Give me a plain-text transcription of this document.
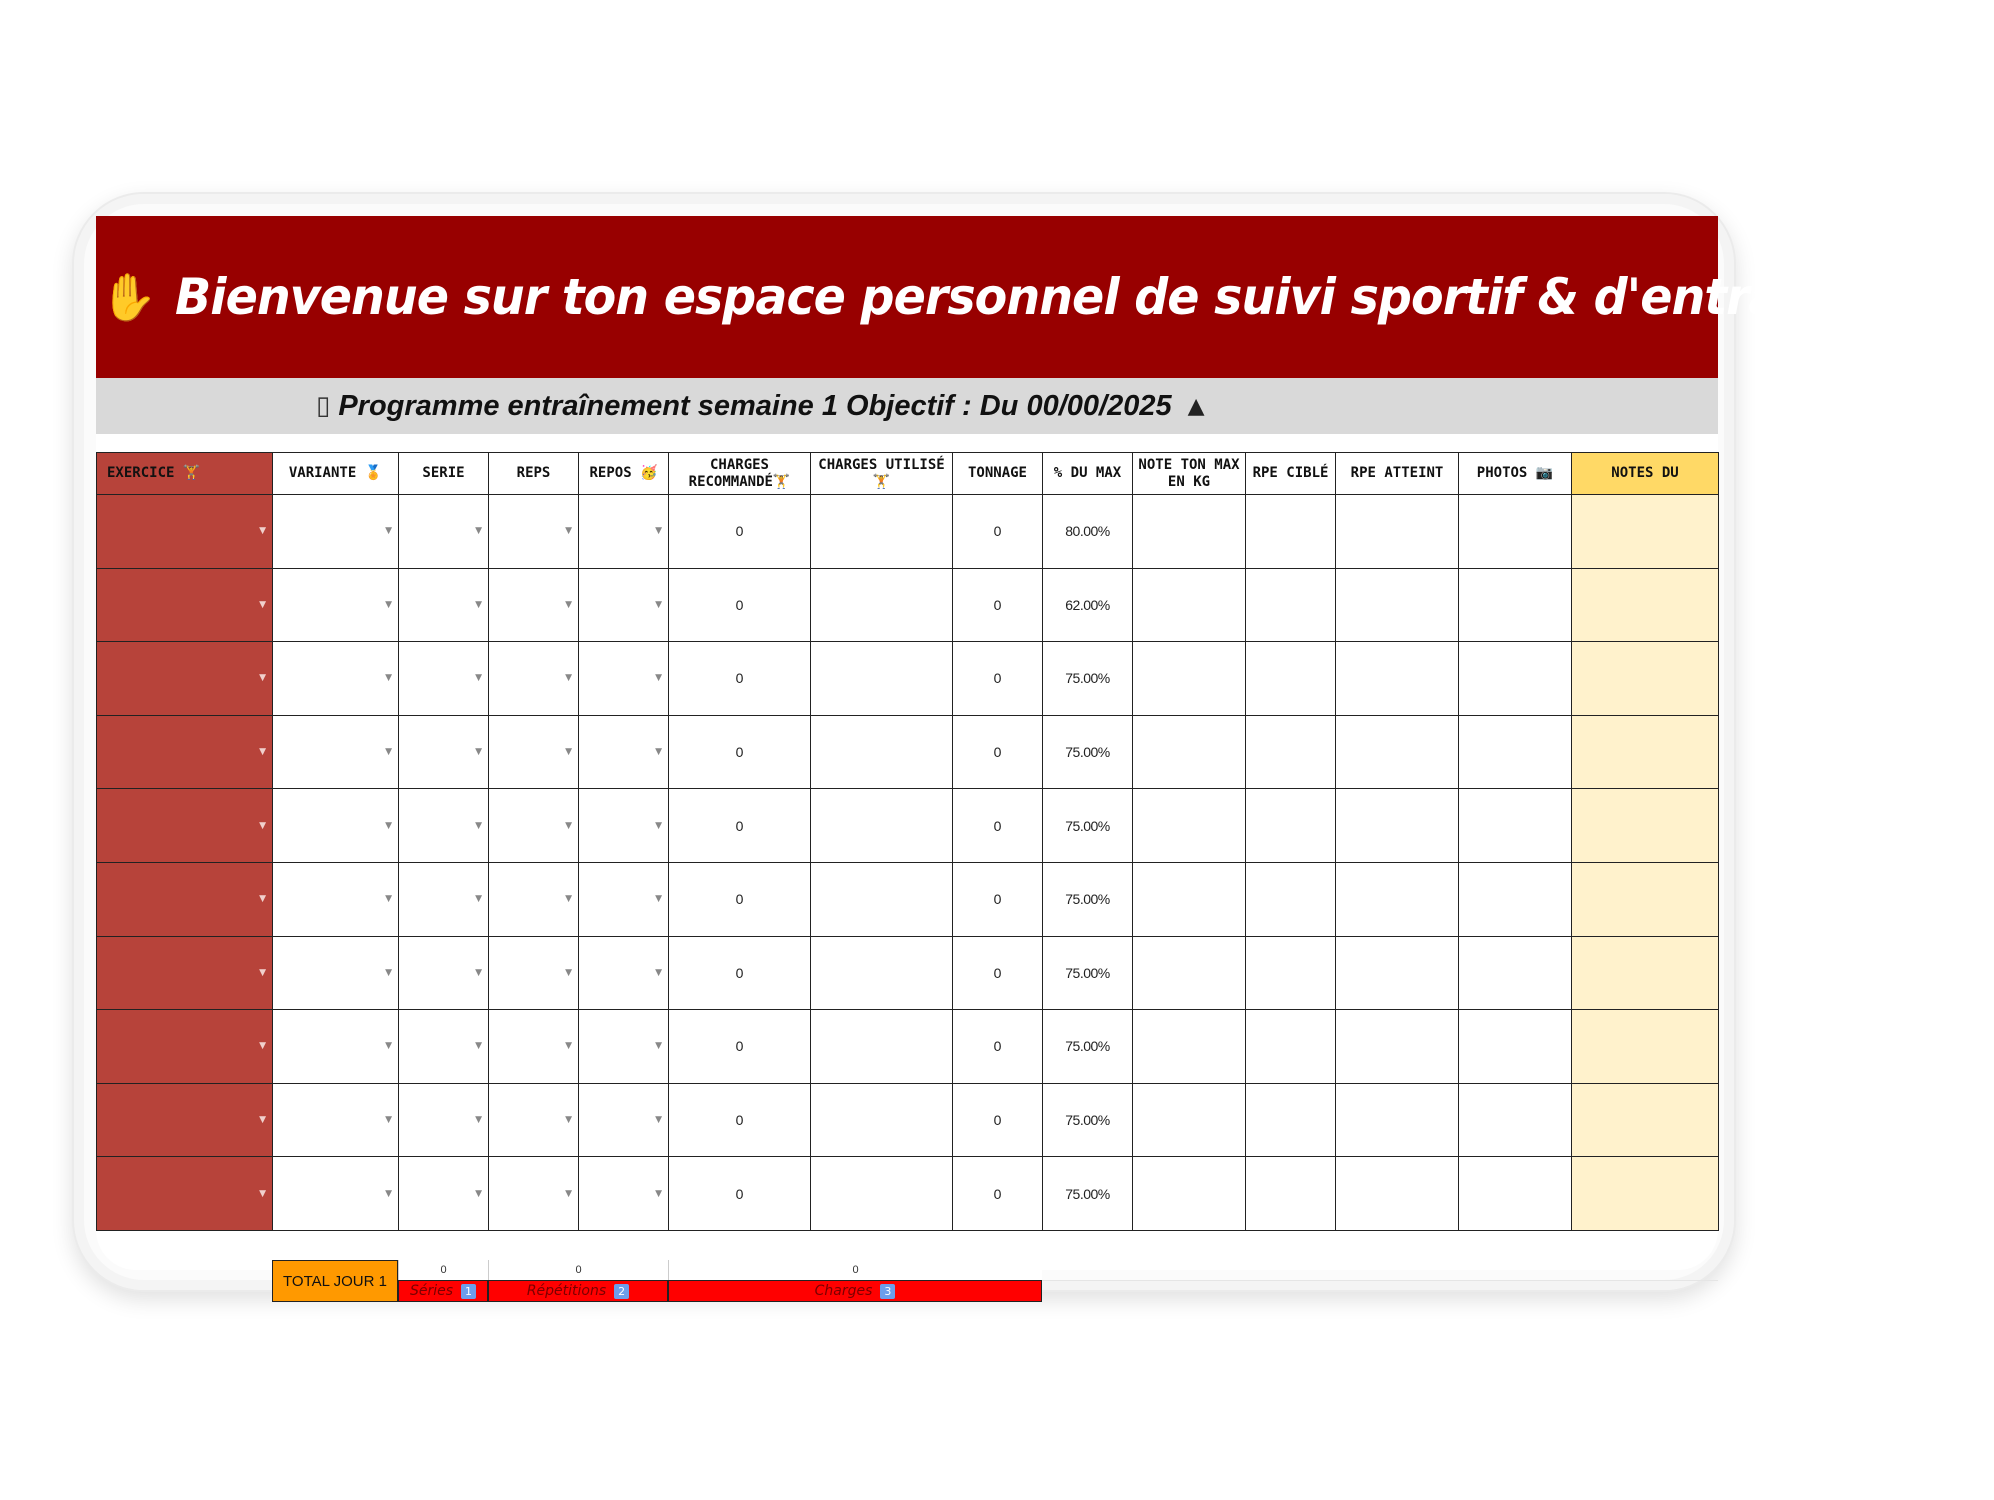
✋ Bienvenue sur ton espace personnel de suivi sportif & d'entrainement
▯ Programme entraînement semaine 1 Objectif : Du 00/00/2025 ▲
EXERCICE 🏋	VARIANTE 🏅	SERIE	REPS	REPOS 🥳	CHARGES RECOMMANDÉ🏋	CHARGES UTILISÉ🏋	TONNAGE	% DU MAX	NOTE TON MAX EN KG	RPE CIBLÉ	RPE ATTEINT	PHOTOS 📷	NOTES DU

▼	▼	▼	▼	▼	0		0	80.00%					

▼	▼	▼	▼	▼	0		0	62.00%					

▼	▼	▼	▼	▼	0		0	75.00%					

▼	▼	▼	▼	▼	0		0	75.00%					

▼	▼	▼	▼	▼	0		0	75.00%					

▼	▼	▼	▼	▼	0		0	75.00%					

▼	▼	▼	▼	▼	0		0	75.00%					

▼	▼	▼	▼	▼	0		0	75.00%					

▼	▼	▼	▼	▼	0		0	75.00%					

▼	▼	▼	▼	▼	0		0	75.00%					
TOTAL JOUR 1
0
Séries 1
0
Répétitions 2
0
Charges 3
